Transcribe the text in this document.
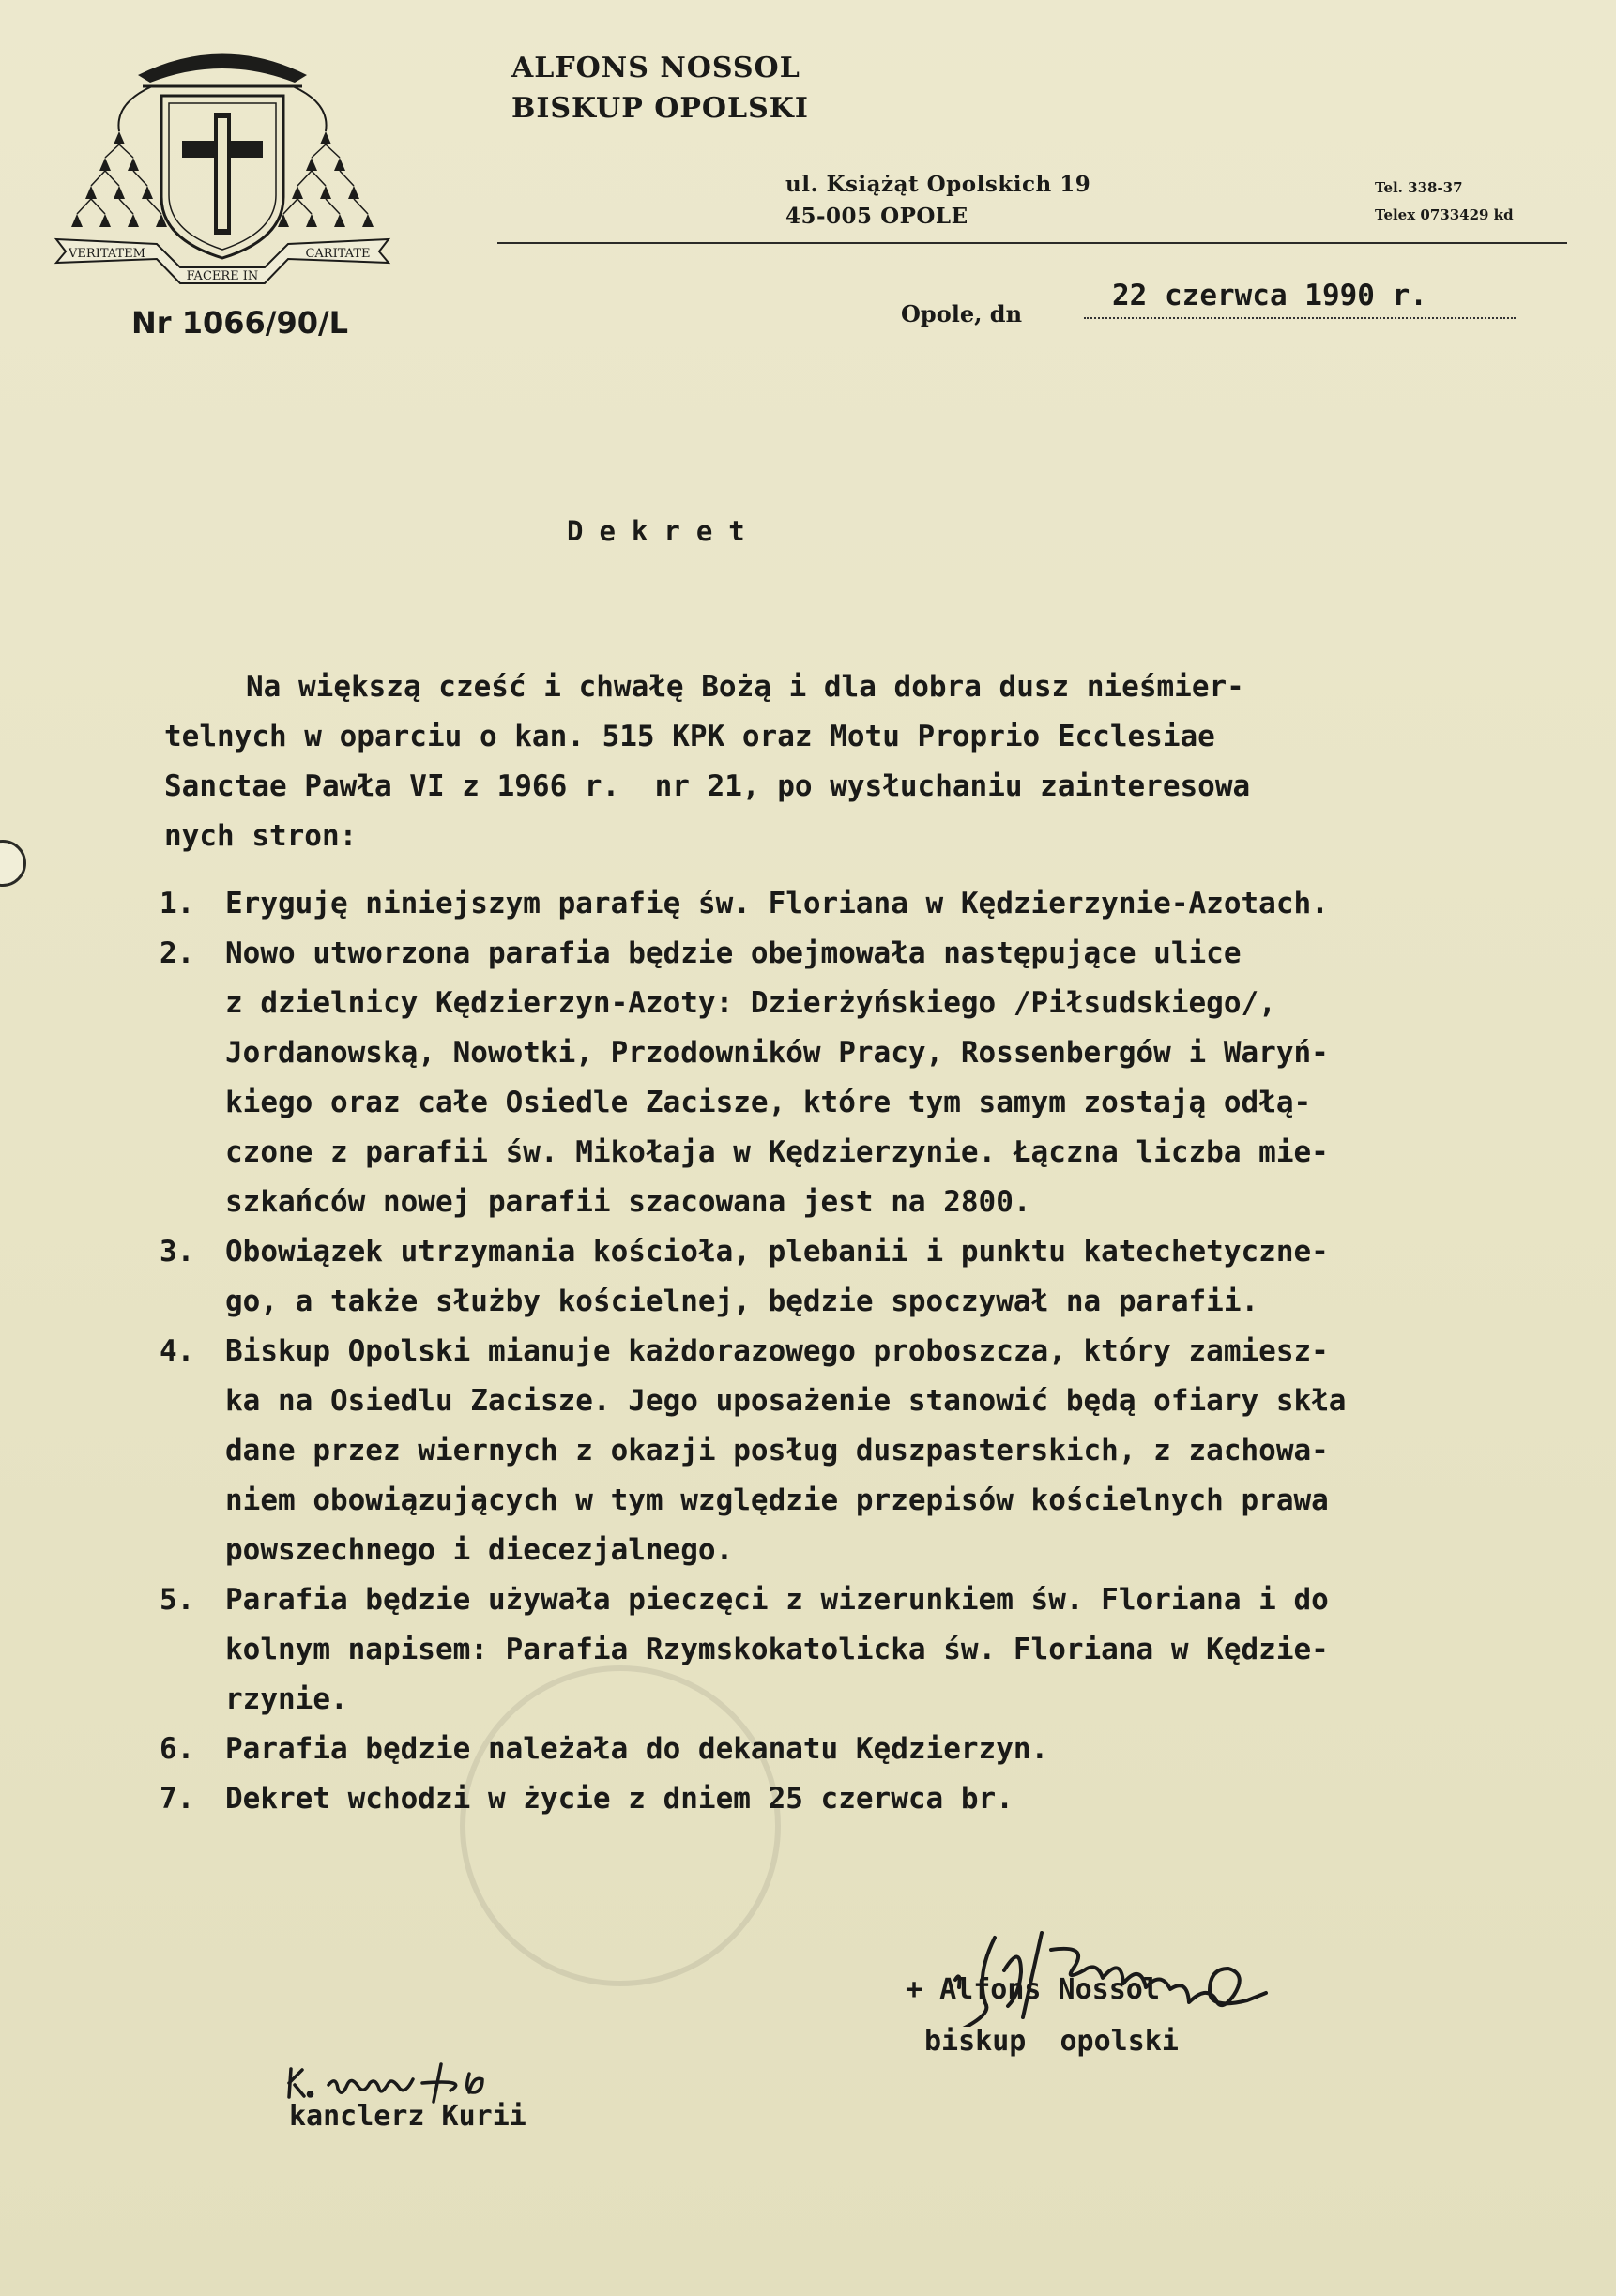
VERITATEM
FACERE IN
CARITATE
ALFONS NOSSOL
BISKUP OPOLSKI
ul. Książąt Opolskich 19
45-005 OPOLE
Tel. 338-37
Telex 0733429 kd
Nr 1066/90/L	Opole, dn
22 czerwca 1990 r.
Dekret
Na większą cześć i chwałę Bożą i dla dobra dusz nieśmier-
telnych w oparciu o kan. 515 KPK oraz Motu Proprio Ecclesiae
Sanctae Pawła VI z 1966 r.  nr 21, po wysłuchaniu zainteresowa
nych stron:
1. Eryguję niniejszym parafię św. Floriana w Kędzierzynie-Azotach.
2. Nowo utworzona parafia będzie obejmowała następujące ulice
z dzielnicy Kędzierzyn-Azoty: Dzierżyńskiego /Piłsudskiego/,
Jordanowską, Nowotki, Przodowników Pracy, Rossenbergów i Waryń-
kiego oraz całe Osiedle Zacisze, które tym samym zostają odłą-
czone z parafii św. Mikołaja w Kędzierzynie. Łączna liczba mie-
szkańców nowej parafii szacowana jest na 2800.
3. Obowiązek utrzymania kościoła, plebanii i punktu katechetyczne-
go, a także służby kościelnej, będzie spoczywał na parafii.
4. Biskup Opolski mianuje każdorazowego proboszcza, który zamiesz-
ka na Osiedlu Zacisze. Jego uposażenie stanowić będą ofiary skła
dane przez wiernych z okazji posług duszpasterskich, z zachowa-
niem obowiązujących w tym względzie przepisów kościelnych prawa
powszechnego i diecezjalnego.
5. Parafia będzie używała pieczęci z wizerunkiem św. Floriana i do
kolnym napisem: Parafia Rzymskokatolicka św. Floriana w Kędzie-
rzynie.
6. Parafia będzie należała do dekanatu Kędzierzyn.
7. Dekret wchodzi w życie z dniem 25 czerwca br.
+ Alfons Nossol
biskup  opolski
kanclerz Kurii
